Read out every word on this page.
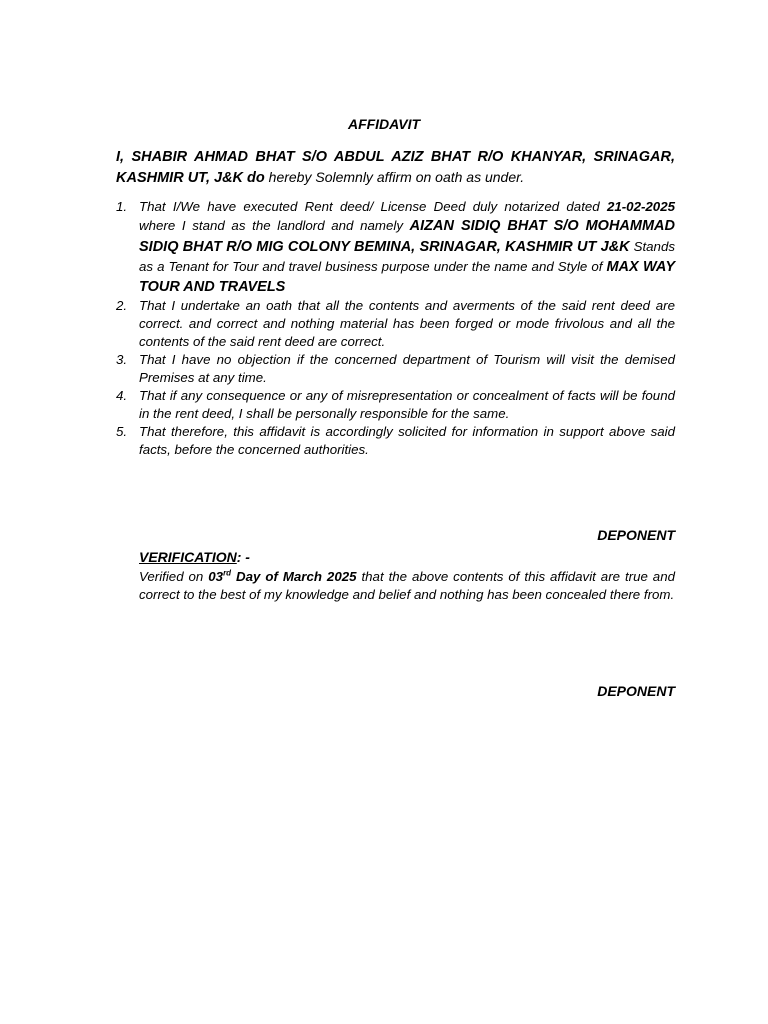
AFFIDAVIT
I, SHABIR AHMAD BHAT S/O ABDUL AZIZ BHAT R/O KHANYAR, SRINAGAR, KASHMIR UT, J&K do hereby Solemnly affirm on oath as under.
1. That I/We have executed Rent deed/ License Deed duly notarized dated 21-02-2025 where I stand as the landlord and namely AIZAN SIDIQ BHAT S/O MOHAMMAD SIDIQ BHAT R/O MIG COLONY BEMINA, SRINAGAR, KASHMIR UT J&K Stands as a Tenant for Tour and travel business purpose under the name and Style of MAX WAY TOUR AND TRAVELS
2. That I undertake an oath that all the contents and averments of the said rent deed are correct. and correct and nothing material has been forged or mode frivolous and all the contents of the said rent deed are correct.
3. That I have no objection if the concerned department of Tourism will visit the demised Premises at any time.
4. That if any consequence or any of misrepresentation or concealment of facts will be found in the rent deed, I shall be personally responsible for the same.
5. That therefore, this affidavit is accordingly solicited for information in support above said facts, before the concerned authorities.
DEPONENT
VERIFICATION: -
Verified on 03rd Day of March 2025 that the above contents of this affidavit are true and correct to the best of my knowledge and belief and nothing has been concealed there from.
DEPONENT
